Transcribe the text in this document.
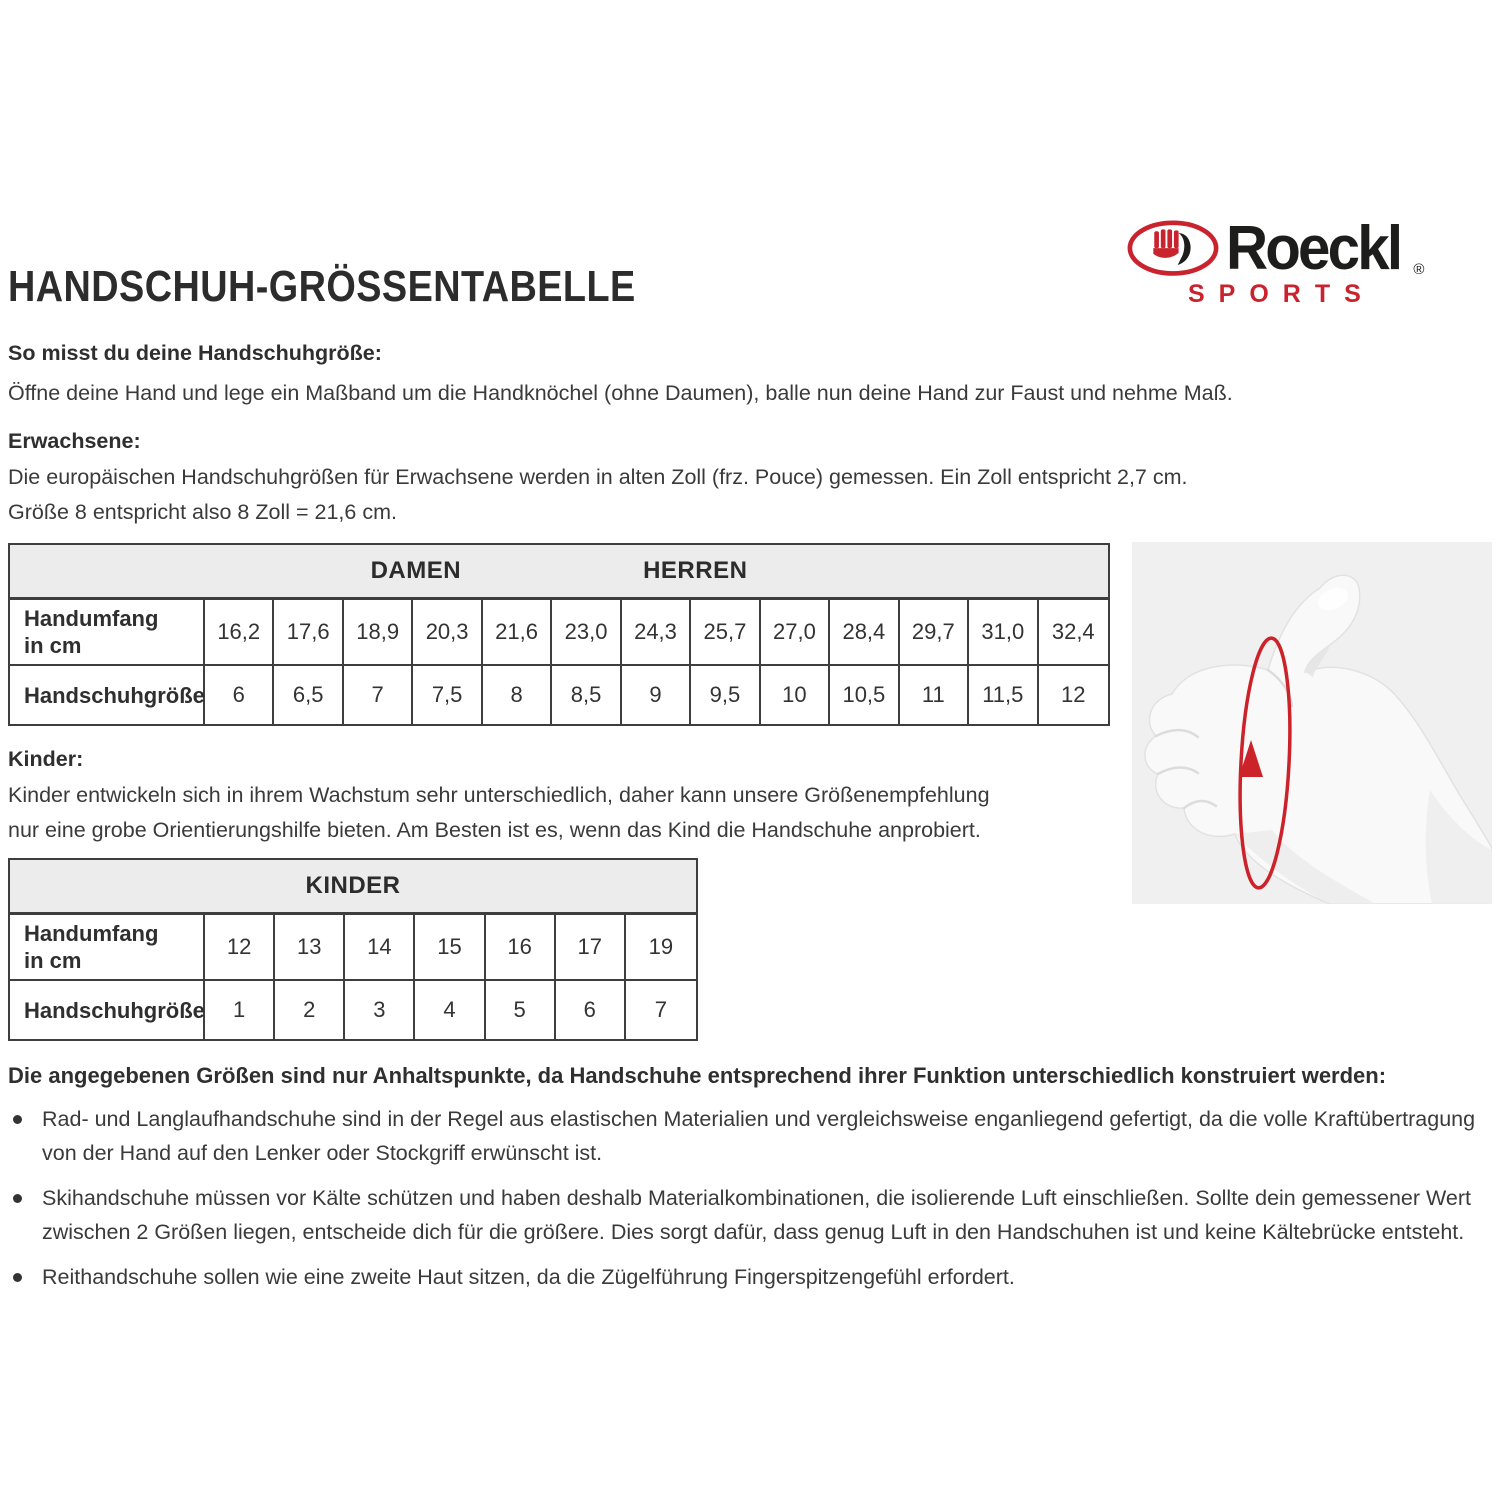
Roeckl ®
SPORTS
HANDSCHUH-GRÖSSENTABELLE
So misst du deine Handschuhgröße:
Öffne deine Hand und lege ein Maßband um die Handknöchel (ohne Daumen), balle nun deine Hand zur Faust und nehme Maß.
Erwachsene:
Die europäischen Handschuhgrößen für Erwachsene werden in alten Zoll (frz. Pouce) gemessen. Ein Zoll entspricht 2,7 cm.
Größe 8 entspricht also 8 Zoll = 21,6 cm.
DAMEN	HERREN
Handumfang
in cm
16,2	17,6	18,9	20,3	21,6	23,0	24,3	25,7	27,0	28,4	29,7	31,0	32,4
Handschuhgröße	6	6,5	7	7,5	8	8,5	9	9,5	10	10,5	11	11,5	12
Kinder:
Kinder entwickeln sich in ihrem Wachstum sehr unterschiedlich, daher kann unsere Größenempfehlung
nur eine grobe Orientierungshilfe bieten. Am Besten ist es, wenn das Kind die Handschuhe anprobiert.
KINDER
Handumfang
in cm
12	13	14	15	16	17	19
Handschuhgröße	1	2	3	4	5	6	7
Die angegebenen Größen sind nur Anhaltspunkte, da Handschuhe entsprechend ihrer Funktion unterschiedlich konstruiert werden:
Rad- und Langlaufhandschuhe sind in der Regel aus elastischen Materialien und vergleichsweise enganliegend gefertigt, da die volle Kraftübertragung von der Hand auf den Lenker oder Stockgriff erwünscht ist.
Skihandschuhe müssen vor Kälte schützen und haben deshalb Materialkombinationen, die isolierende Luft einschließen. Sollte dein gemessener Wert zwischen 2 Größen liegen, entscheide dich für die größere. Dies sorgt dafür, dass genug Luft in den Handschuhen ist und keine Kältebrücke entsteht.
Reithandschuhe sollen wie eine zweite Haut sitzen, da die Zügelführung Fingerspitzengefühl erfordert.
